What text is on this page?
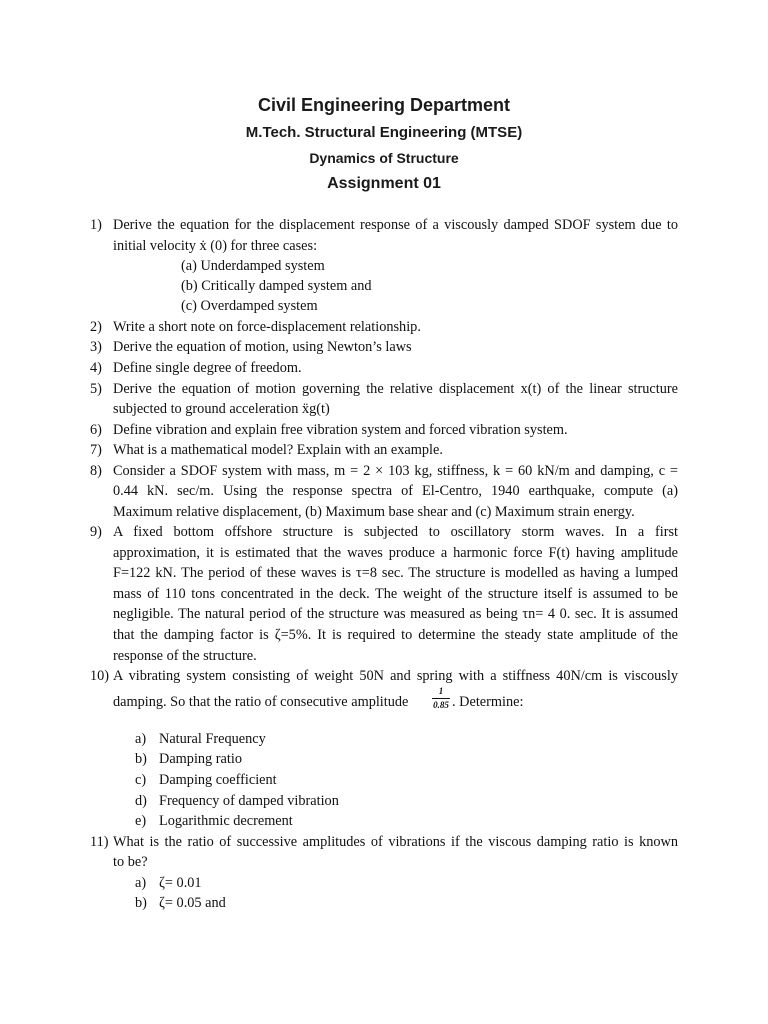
Civil Engineering Department
M.Tech. Structural Engineering (MTSE)
Dynamics of Structure
Assignment 01
1) Derive the equation for the displacement response of a viscously damped SDOF system due to
initial velocity ẋ (0) for three cases:
(a) Underdamped system
(b) Critically damped system and
(c) Overdamped system
2) Write a short note on force-displacement relationship.
3) Derive the equation of motion, using Newton’s laws
4) Define single degree of freedom.
5) Derive the equation of motion governing the relative displacement x(t) of the linear structure
subjected to ground acceleration ẍg(t)
6) Define vibration and explain free vibration system and forced vibration system.
7) What is a mathematical model? Explain with an example.
8) Consider a SDOF system with mass, m = 2 × 103 kg, stiffness, k = 60 kN/m and damping, c =
0.44 kN. sec/m. Using the response spectra of El-Centro, 1940 earthquake, compute (a)
Maximum relative displacement, (b) Maximum base shear and (c) Maximum strain energy.
9) A fixed bottom offshore structure is subjected to oscillatory storm waves. In a first
approximation, it is estimated that the waves produce a harmonic force F(t) having amplitude
F=122 kN. The period of these waves is τ=8 sec. The structure is modelled as having a lumped
mass of 110 tons concentrated in the deck. The weight of the structure itself is assumed to be
negligible. The natural period of the structure was measured as being τn= 4 0. sec. It is assumed
that the damping factor is ζ=5%. It is required to determine the steady state amplitude of the
response of the structure.
10) A vibrating system consisting of weight 50N and spring with a stiffness 40N/cm is viscously
damping. So that the ratio of consecutive amplitude
1
0.85 . Determine:
a) Natural Frequency
b) Damping ratio
c) Damping coefficient
d) Frequency of damped vibration
e) Logarithmic decrement
11) What is the ratio of successive amplitudes of vibrations if the viscous damping ratio is known
to be?
a) ζ= 0.01
b) ζ= 0.05 and
